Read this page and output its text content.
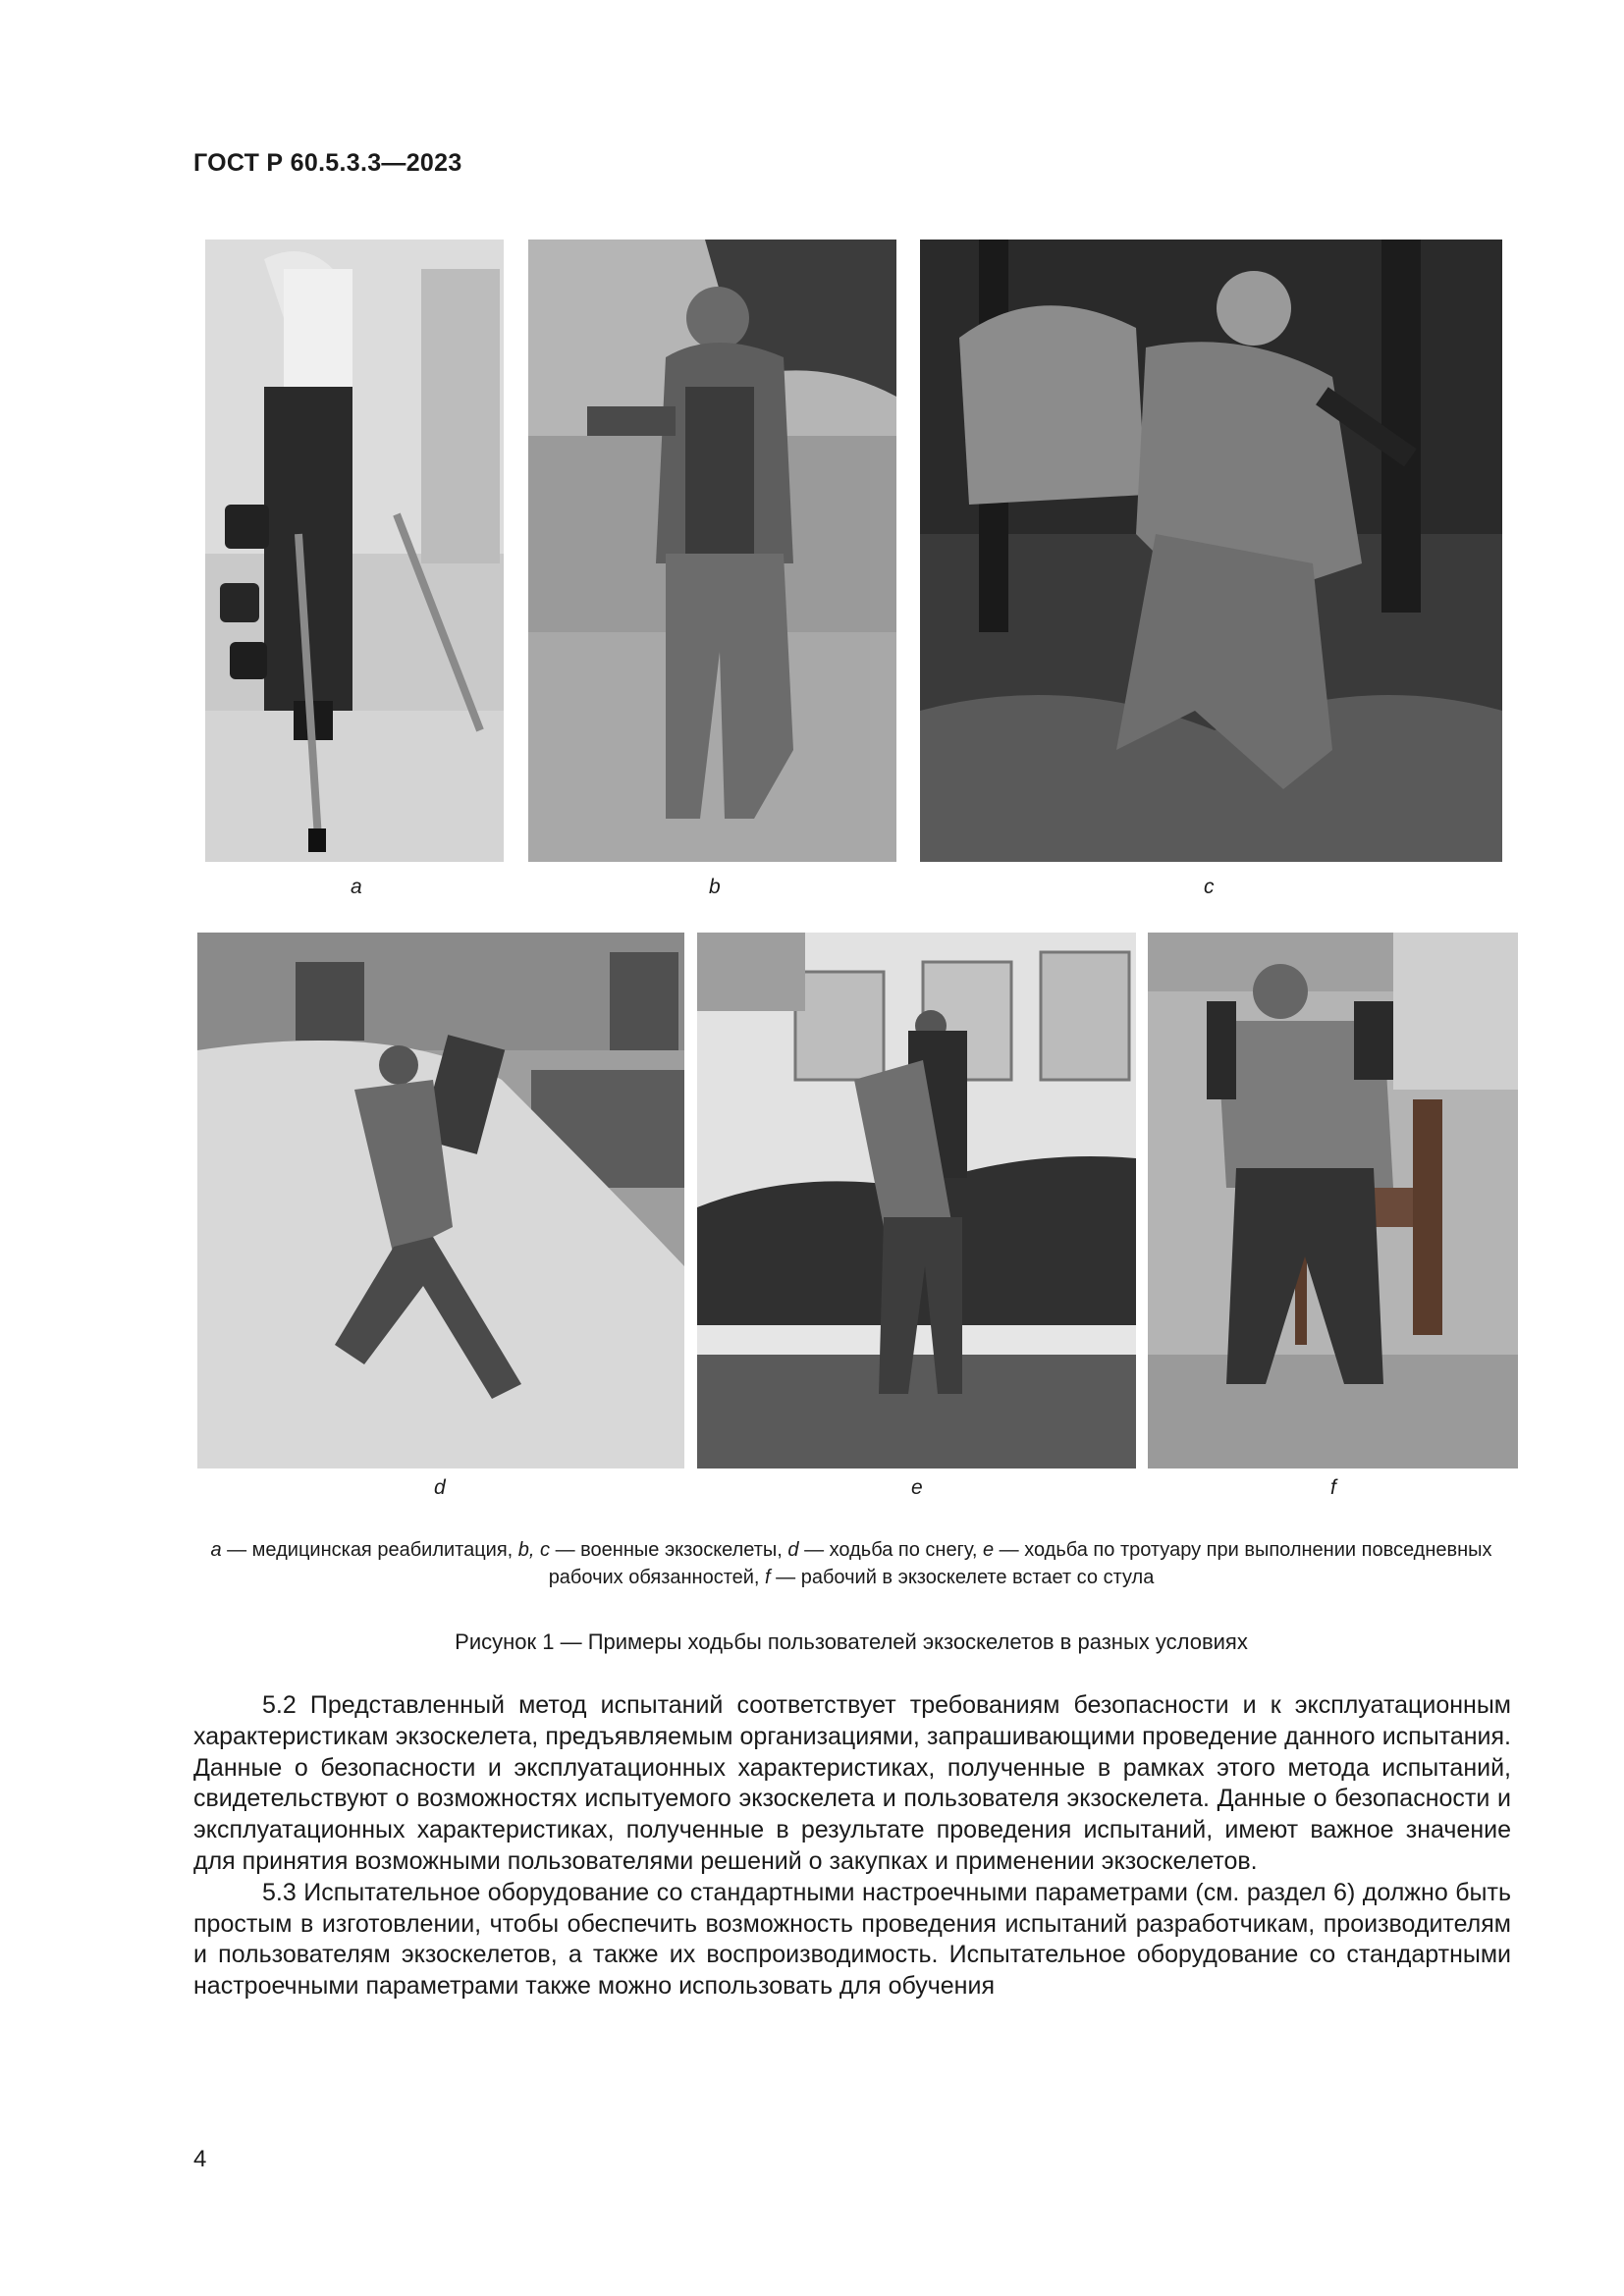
ГОСТ Р 60.5.3.3—2023
a	b	c
d	e	f
a — медицинская реабилитация, b, c — военные экзоскелеты, d — ходьба по снегу, e — ходьба по тротуару при выполнении повседневных рабочих обязанностей, f — рабочий в экзоскелете встает со стула
Рисунок 1 — Примеры ходьбы пользователей экзоскелетов в разных условиях

5.2 Представленный метод испытаний соответствует требованиям безопасности и к эксплуатационным характеристикам экзоскелета, предъявляемым организациями, запрашивающими проведение данного испытания. Данные о безопасности и эксплуатационных характеристиках, полученные в рамках этого метода испытаний, свидетельствуют о возможностях испытуемого экзоскелета и пользователя экзоскелета. Данные о безопасности и эксплуатационных характеристиках, полученные в результате проведения испытаний, имеют важное значение для принятия возможными пользователями решений о закупках и применении экзоскелетов.

5.3 Испытательное оборудование со стандартными настроечными параметрами (см. раздел 6) должно быть простым в изготовлении, чтобы обеспечить возможность проведения испытаний разработчикам, производителям и пользователям экзоскелетов, а также их воспроизводимость. Испытательное оборудование со стандартными настроечными параметрами также можно использовать для обучения

4
